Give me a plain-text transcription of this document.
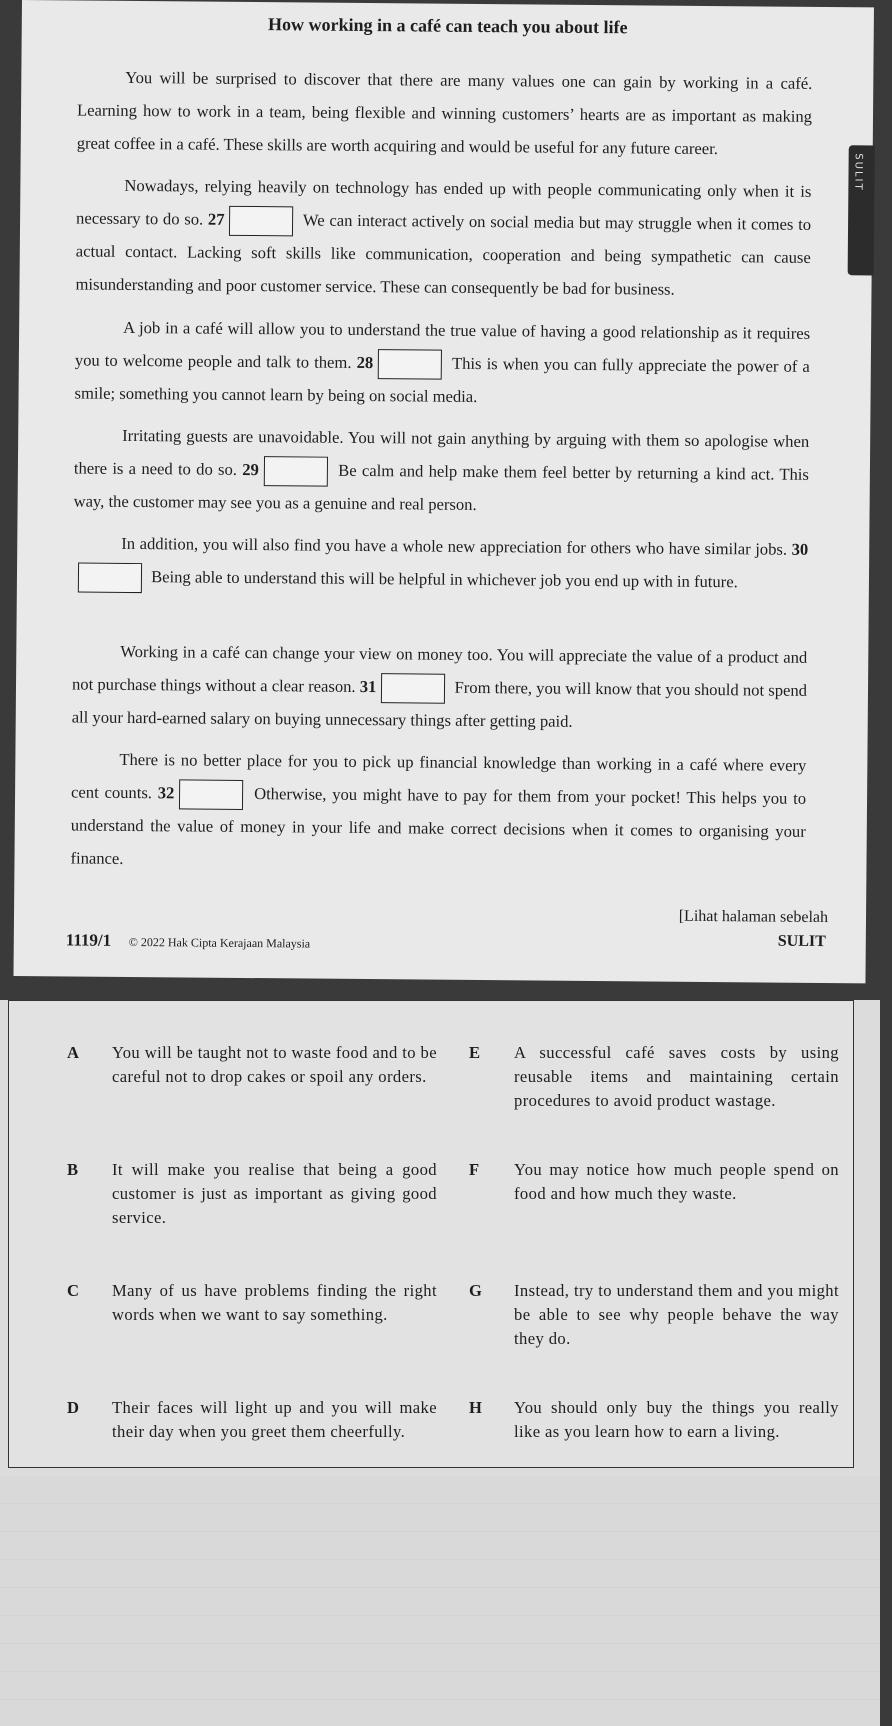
SULIT
How working in a café can teach you about life
You will be surprised to discover that there are many values one can gain by working in a café. Learning how to work in a team, being flexible and winning customers’ hearts are as important as making great coffee in a café. These skills are worth acquiring and would be useful for any future career.
Nowadays, relying heavily on technology has ended up with people communicating only when it is necessary to do so. 27	We can interact actively on social media but may struggle when it comes to actual contact. Lacking soft skills like communication, cooperation and being sympathetic can cause misunderstanding and poor customer service. These can consequently be bad for business.
A job in a café will allow you to understand the true value of having a good relationship as it requires you to welcome people and talk to them. 28	This is when you can fully appreciate the power of a smile; something you cannot learn by being on social media.
Irritating guests are unavoidable. You will not gain anything by arguing with them so apologise when there is a need to do so. 29	Be calm and help make them feel better by returning a kind act. This way, the customer may see you as a genuine and real person.
In addition, you will also find you have a whole new appreciation for others who have similar jobs. 30 Being able to understand this will be helpful in whichever job you end up with in future.
Working in a café can change your view on money too. You will appreciate the value of a product and not purchase things without a clear reason. 31	From there, you will know that you should not spend all your hard-earned salary on buying unnecessary things after getting paid.
There is no better place for you to pick up financial knowledge than working in a café where every cent counts. 32	Otherwise, you might have to pay for them from your pocket! This helps you to understand the value of money in your life and make correct decisions when it comes to organising your finance.
[Lihat halaman sebelah
SULIT
1119/1 © 2022 Hak Cipta Kerajaan Malaysia
A	You will be taught not to waste food and to be careful not to drop cakes or spoil any orders.
B	It will make you realise that being a good customer is just as important as giving good service.
C	Many of us have problems finding the right words when we want to say something.
D	Their faces will light up and you will make their day when you greet them cheerfully.
E	A successful café saves costs by using reusable items and maintaining certain procedures to avoid product wastage.
F	You may notice how much people spend on food and how much they waste.
G	Instead, try to understand them and you might be able to see why people behave the way they do.
H	You should only buy the things you really like as you learn how to earn a living.
